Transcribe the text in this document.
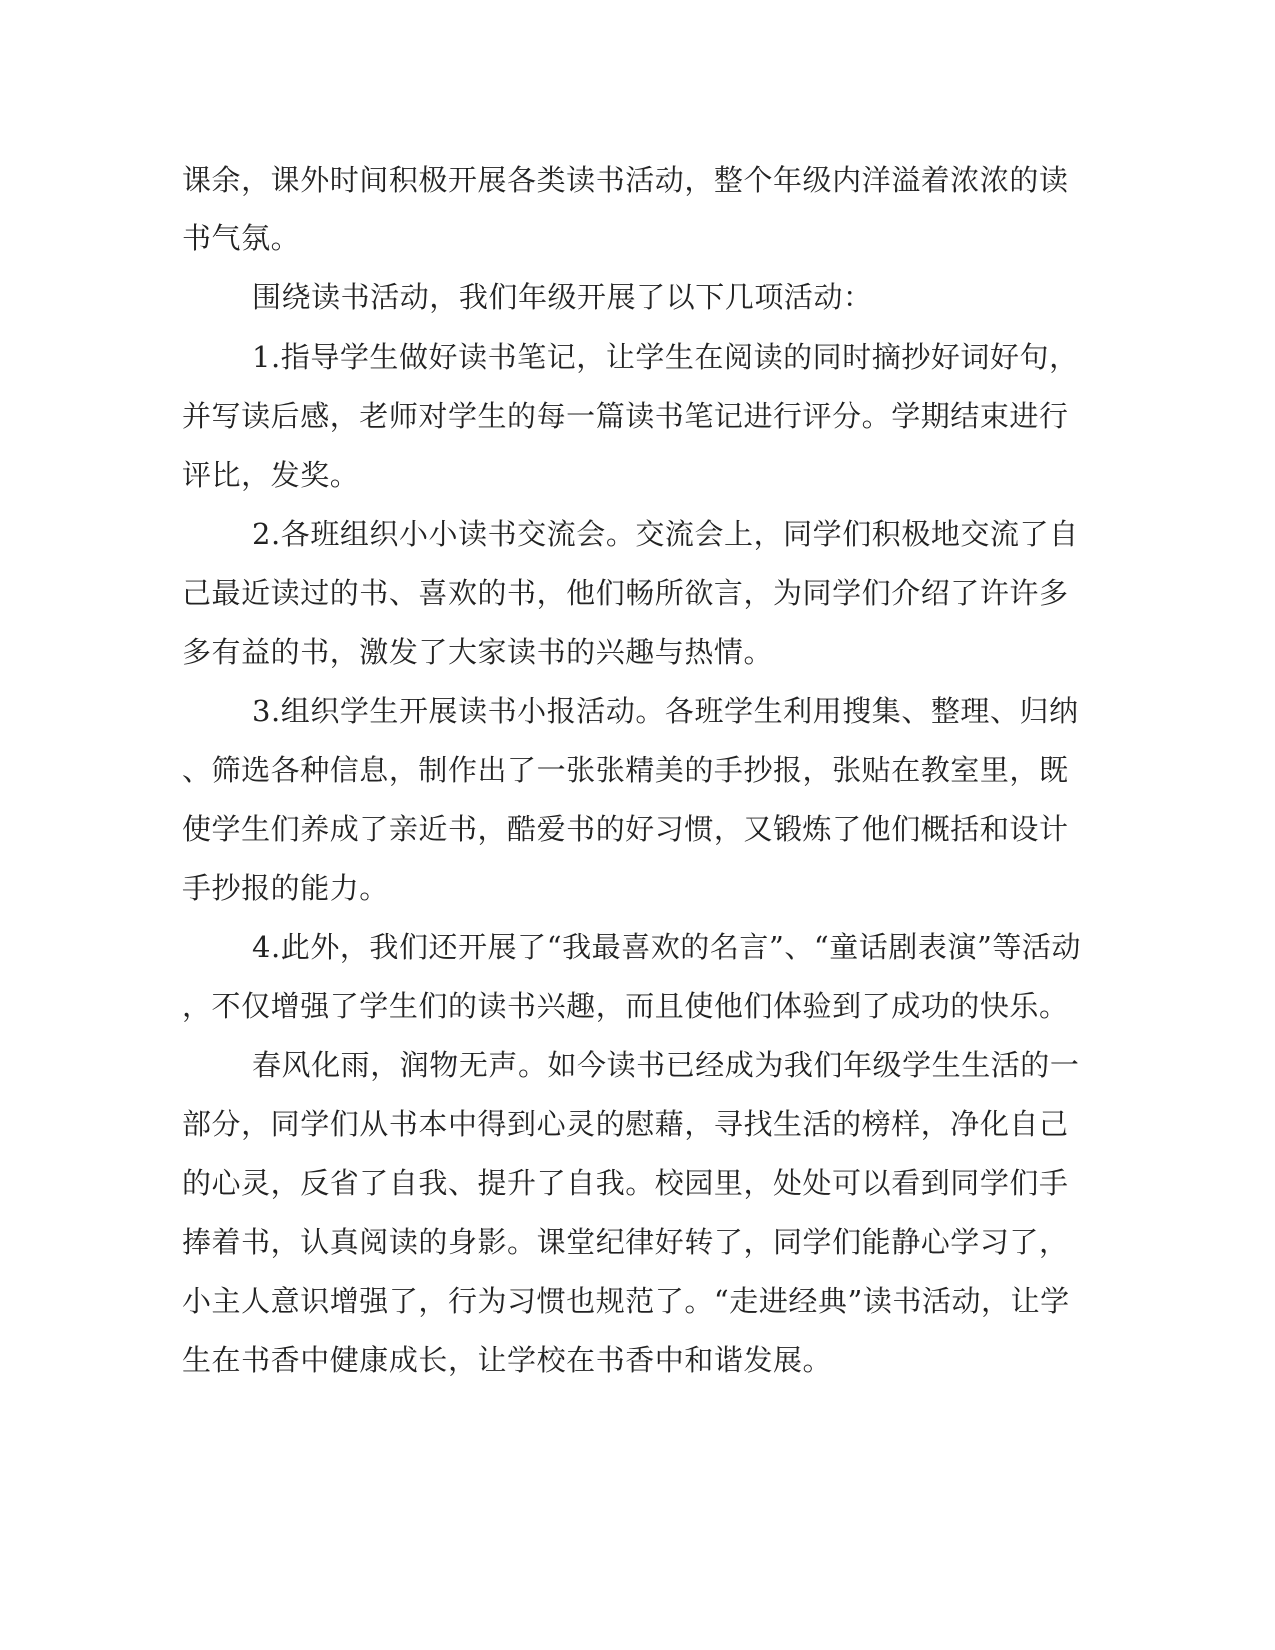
课余，课外时间积极开展各类读书活动，整个年级内洋溢着浓浓的读
书气氛。
围绕读书活动，我们年级开展了以下几项活动：
1.指导学生做好读书笔记，让学生在阅读的同时摘抄好词好句，
并写读后感，老师对学生的每一篇读书笔记进行评分。学期结束进行
评比，发奖。
2.各班组织小小读书交流会。交流会上，同学们积极地交流了自
己最近读过的书、喜欢的书，他们畅所欲言，为同学们介绍了许许多
多有益的书，激发了大家读书的兴趣与热情。
3.组织学生开展读书小报活动。各班学生利用搜集、整理、归纳
、筛选各种信息，制作出了一张张精美的手抄报，张贴在教室里，既
使学生们养成了亲近书，酷爱书的好习惯，又锻炼了他们概括和设计
手抄报的能力。
4.此外，我们还开展了“我最喜欢的名言”、“童话剧表演”等活动
，不仅增强了学生们的读书兴趣，而且使他们体验到了成功的快乐。
春风化雨，润物无声。如今读书已经成为我们年级学生生活的一
部分，同学们从书本中得到心灵的慰藉，寻找生活的榜样，净化自己
的心灵，反省了自我、提升了自我。校园里，处处可以看到同学们手
捧着书，认真阅读的身影。课堂纪律好转了，同学们能静心学习了，
小主人意识增强了，行为习惯也规范了。“走进经典”读书活动，让学
生在书香中健康成长，让学校在书香中和谐发展。
